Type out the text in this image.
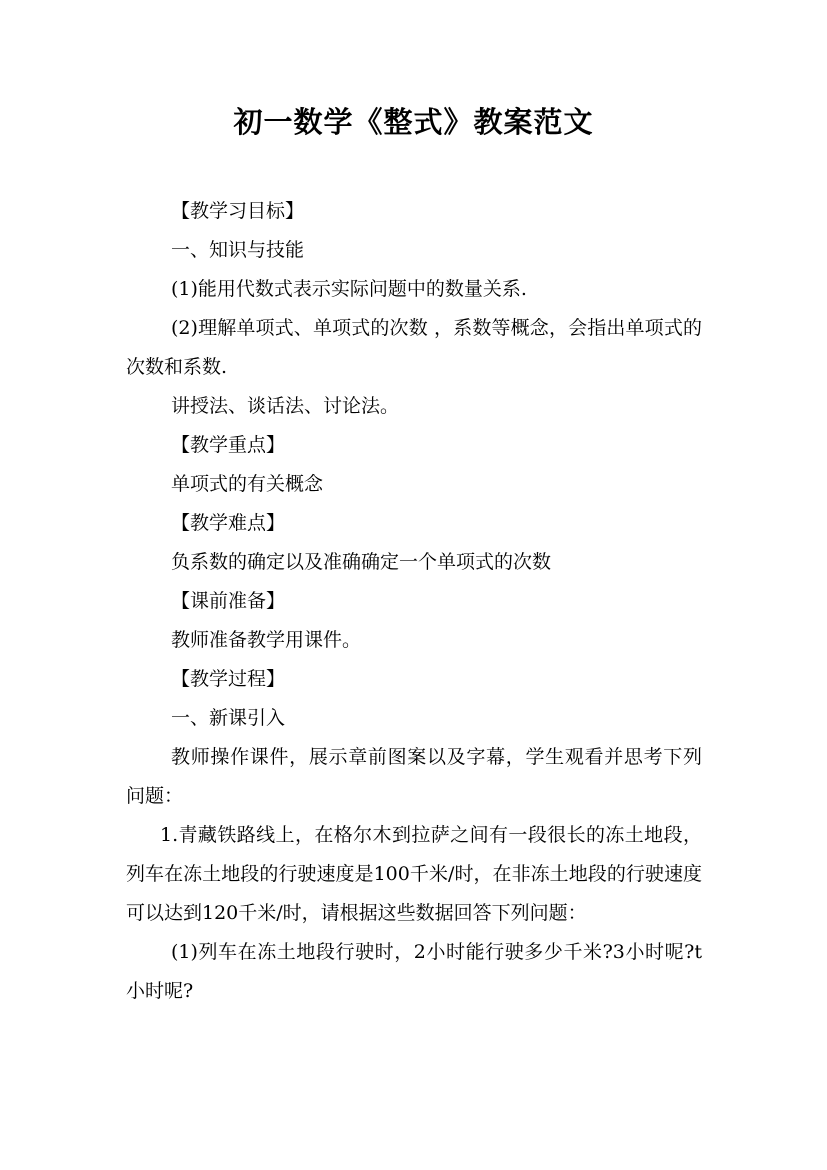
初一数学《整式》教案范文

【教学习目标】

一、知识与技能

(1)能用代数式表示实际问题中的数量关系.

(2)理解单项式、单项式的次数 ，系数等概念，会指出单项式的次数和系数.

讲授法、谈话法、讨论法。

【教学重点】

单项式的有关概念

【教学难点】

负系数的确定以及准确确定一个单项式的次数

【课前准备】

教师准备教学用课件。

【教学过程】

一、新课引入

教师操作课件，展示章前图案以及字幕，学生观看并思考下列问题：

1.青藏铁路线上，在格尔木到拉萨之间有一段很长的冻土地段，列车在冻土地段的行驶速度是100千米/时，在非冻土地段的行驶速度可以达到120千米/时，请根据这些数据回答下列问题：

(1)列车在冻土地段行驶时，2小时能行驶多少千米?3小时呢?t小时呢?
